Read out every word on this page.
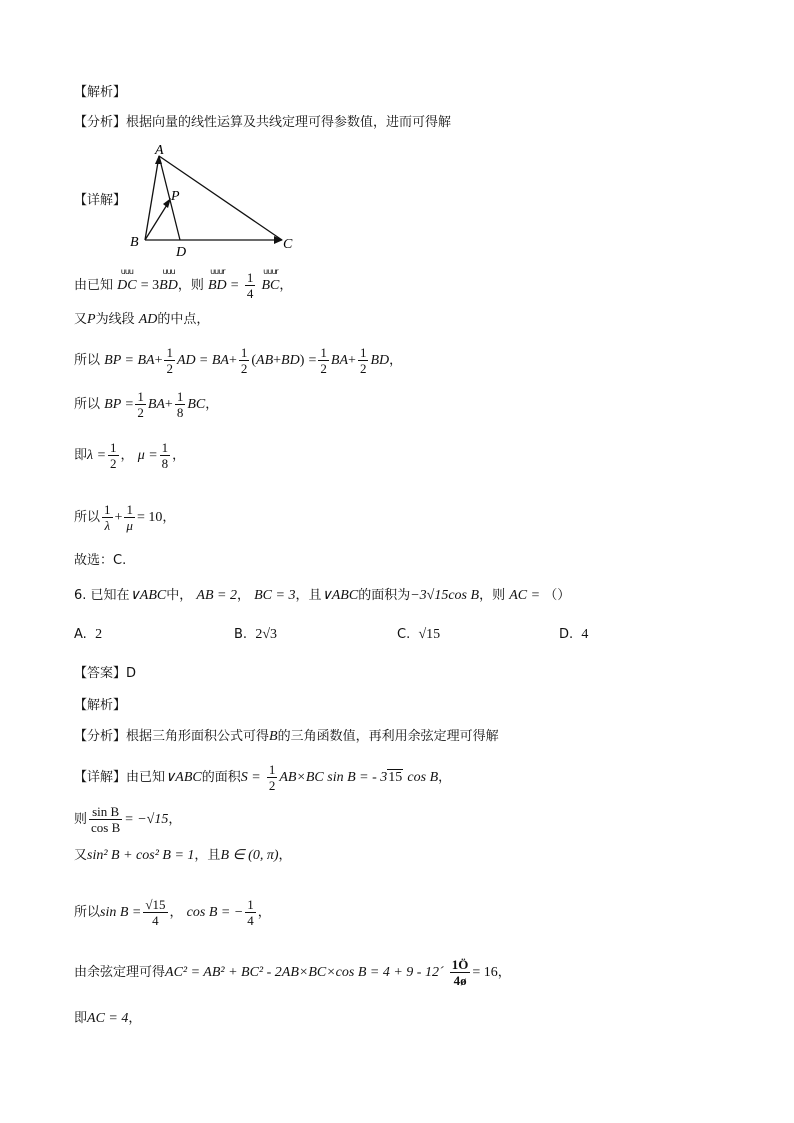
【解析】
【分析】根据向量的线性运算及共线定理可得参数值，进而可得解
A
P
B
D
C
【详解】
由已知
uuu
DC = 3
uuu
BD，则
uuur
BD = $\frac{1}{4}$
uuur
BC，
又P为线段 AD的中点，
所以 BP = $BA+ \frac{1}{2}$ AD = $BA+ \frac{1}{2} (AB+BD) = \frac{1}{2} BA+ \frac{1}{2}$ BD，
所以 BP = $\frac{1}{2} BA+ \frac{1}{8}$ BC，
即$\lambda = \frac{1}{2}$ ， $\mu = \frac{1}{8}$ ，
所以 $\frac{1}{\lambda} + \frac{1}{\mu} = 10$，
故选：C.
6. 已知在∨ABC中， AB = 2， BC = 3，且∨ABC的面积为−3√15cos B，则 AC = （）
A. 2	B. 2√3	C. √15	D. 4
【答案】D
【解析】
【分析】根据三角形面积公式可得B的三角函数值，再利用余弦定理可得解
【详解】由已知∨ABC的面积$S = \frac{1}{2} AB\times BC$ sin B = - 315 cos B，
则 $\frac{\text{sin B}}{\text{cos B}} = -√15$，
又sin² B + cos² B = 1，且B ∈ (0, π)，
所以$\sin B = \frac{√15}{4}$ ， cos B = − $\frac{1}{4}$ ，
由余弦定理可得AC² = AB² + BC² - 2AB×BC×cos B = 4 + 9 - 12´ $\frac{1Ö}{4ø} = 16$，
即AC = 4，
